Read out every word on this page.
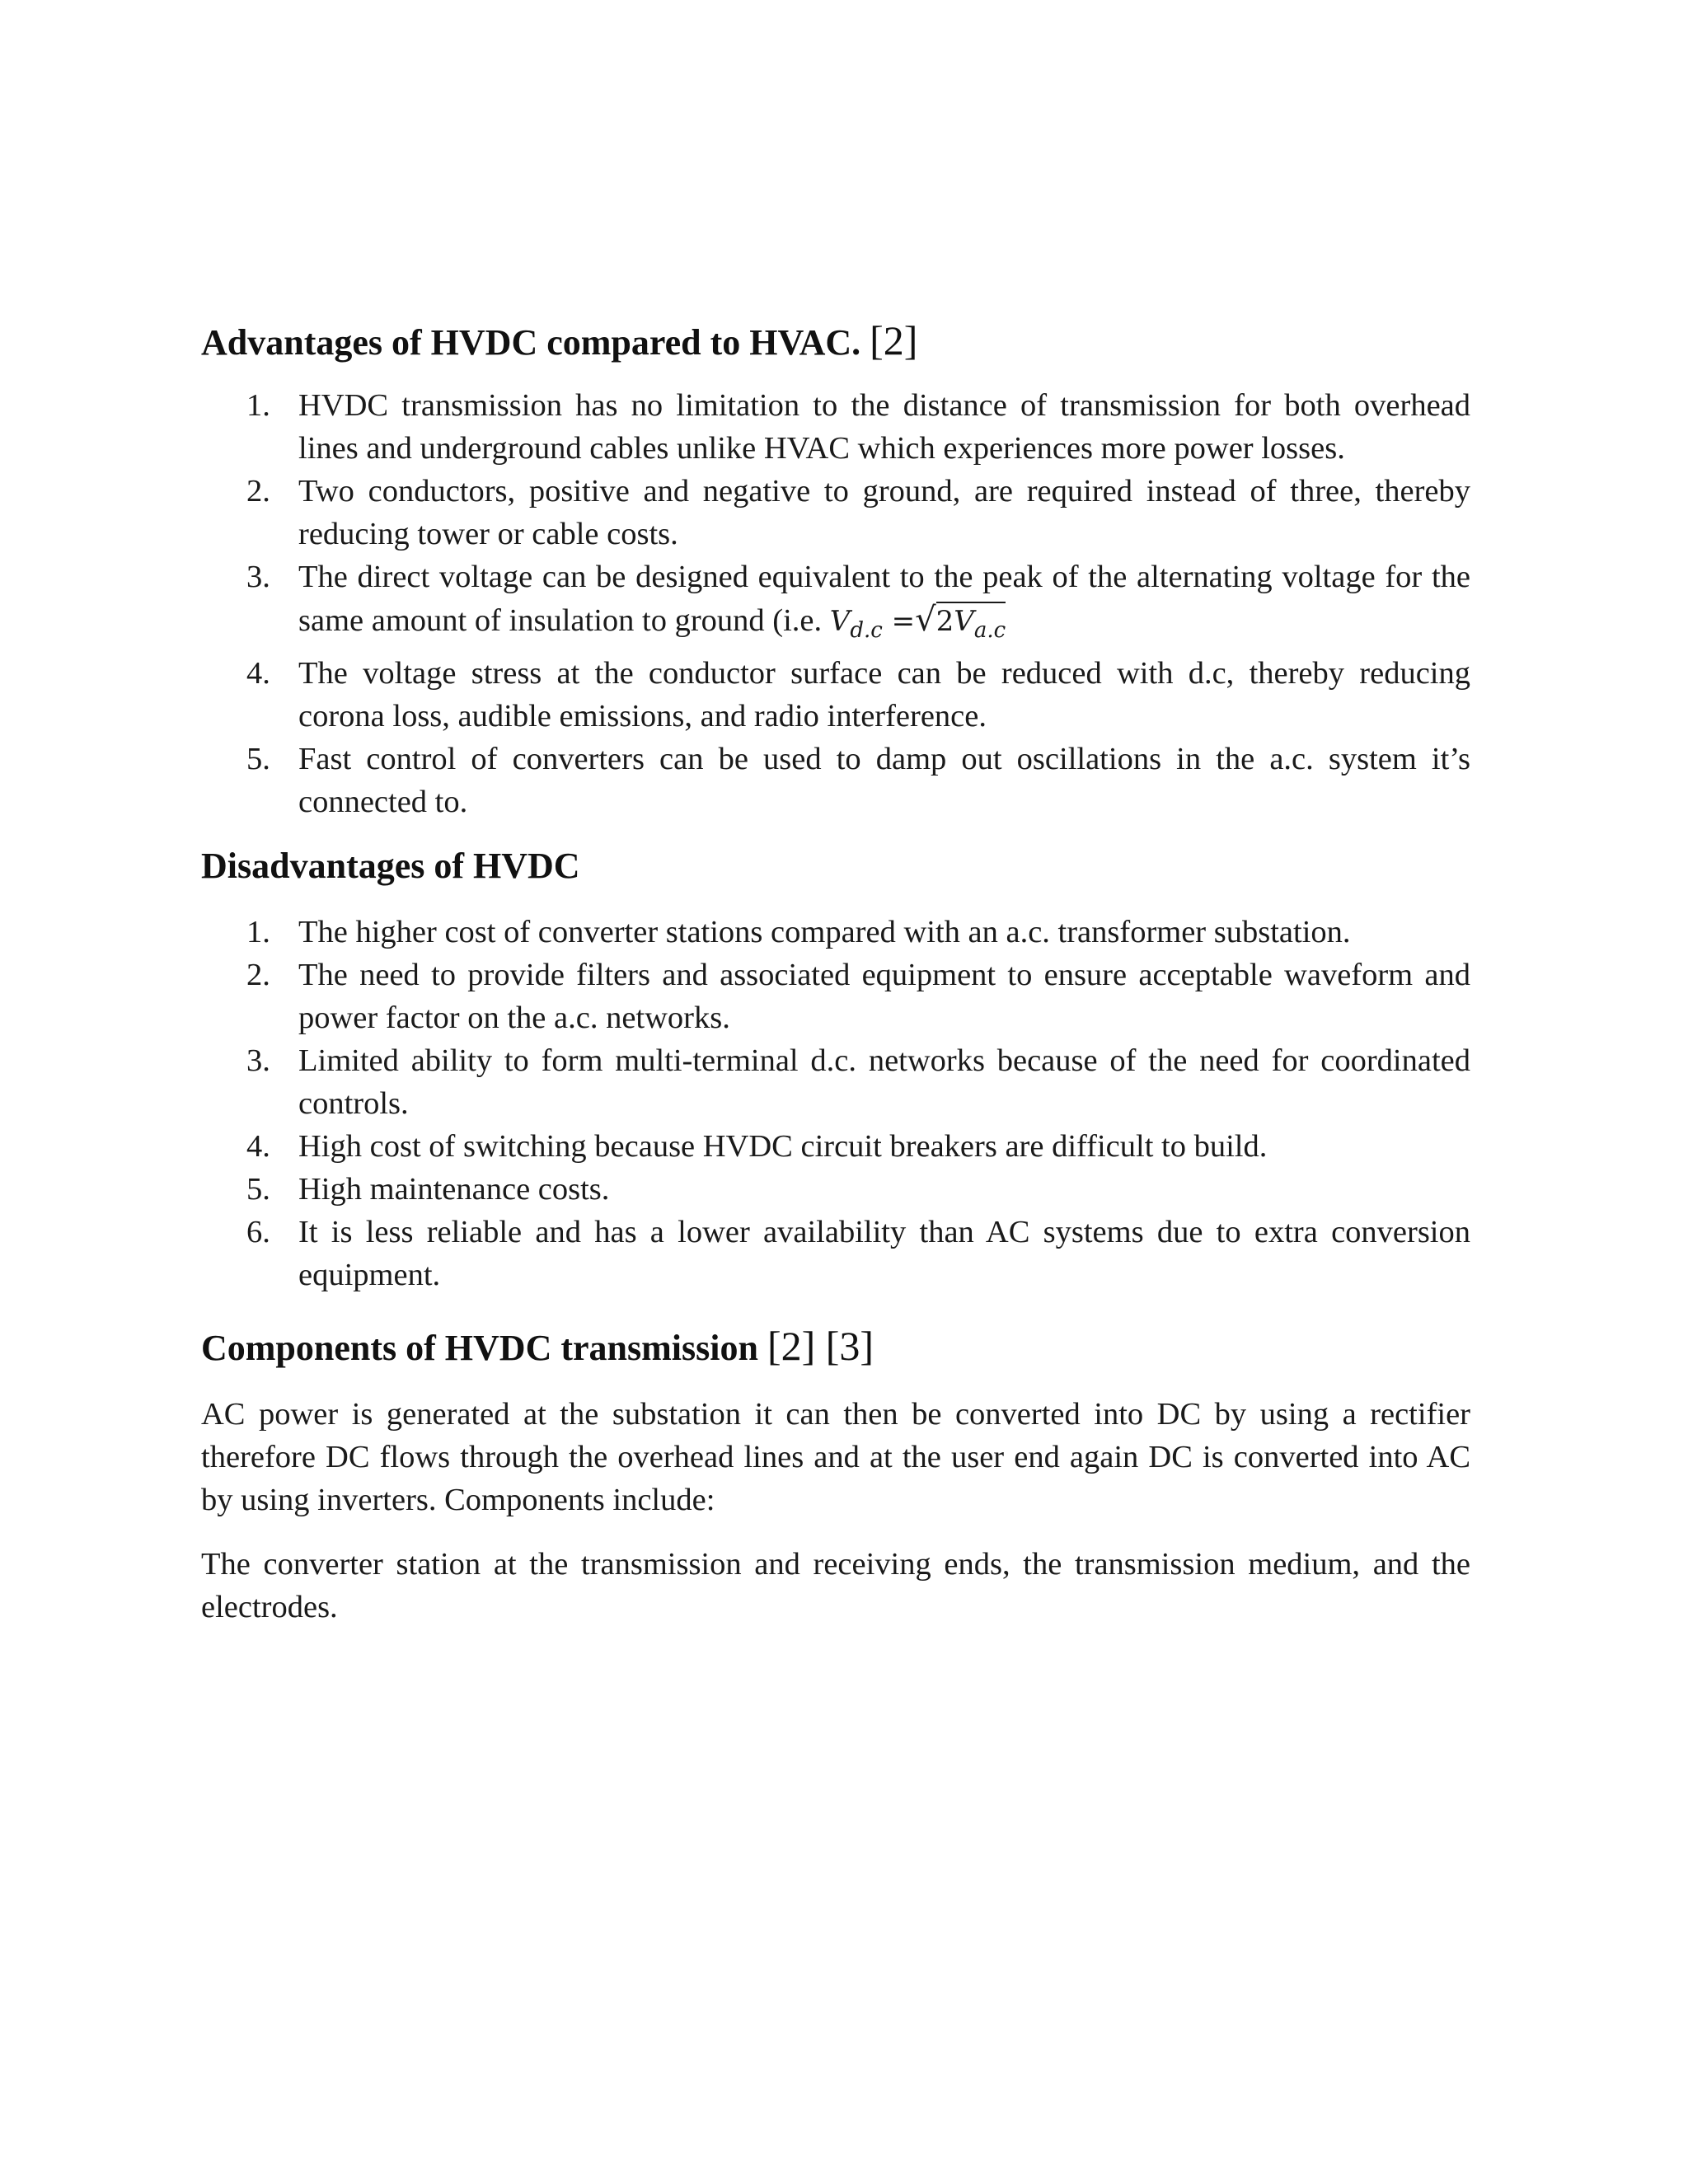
Advantages of HVDC compared to HVAC. [2]
1. HVDC transmission has no limitation to the distance of transmission for both overhead lines and underground cables unlike HVAC which experiences more power losses.
2. Two conductors, positive and negative to ground, are required instead of three, thereby reducing tower or cable costs.
3. The direct voltage can be designed equivalent to the peak of the alternating voltage for the same amount of insulation to ground (i.e. $V_{d.c} =√2V_{a.c}$
4. The voltage stress at the conductor surface can be reduced with d.c, thereby reducing corona loss, audible emissions, and radio interference.
5. Fast control of converters can be used to damp out oscillations in the a.c. system it’s connected to.
Disadvantages of HVDC
1. The higher cost of converter stations compared with an a.c. transformer substation.
2. The need to provide filters and associated equipment to ensure acceptable waveform and power factor on the a.c. networks.
3. Limited ability to form multi-terminal d.c. networks because of the need for coordinated controls.
4. High cost of switching because HVDC circuit breakers are difficult to build.
5. High maintenance costs.
6. It is less reliable and has a lower availability than AC systems due to extra conversion equipment.
Components of HVDC transmission [2] [3]

AC power is generated at the substation it can then be converted into DC by using a rectifier therefore DC flows through the overhead lines and at the user end again DC is converted into AC by using inverters. Components include:

The converter station at the transmission and receiving ends, the transmission medium, and the electrodes.
